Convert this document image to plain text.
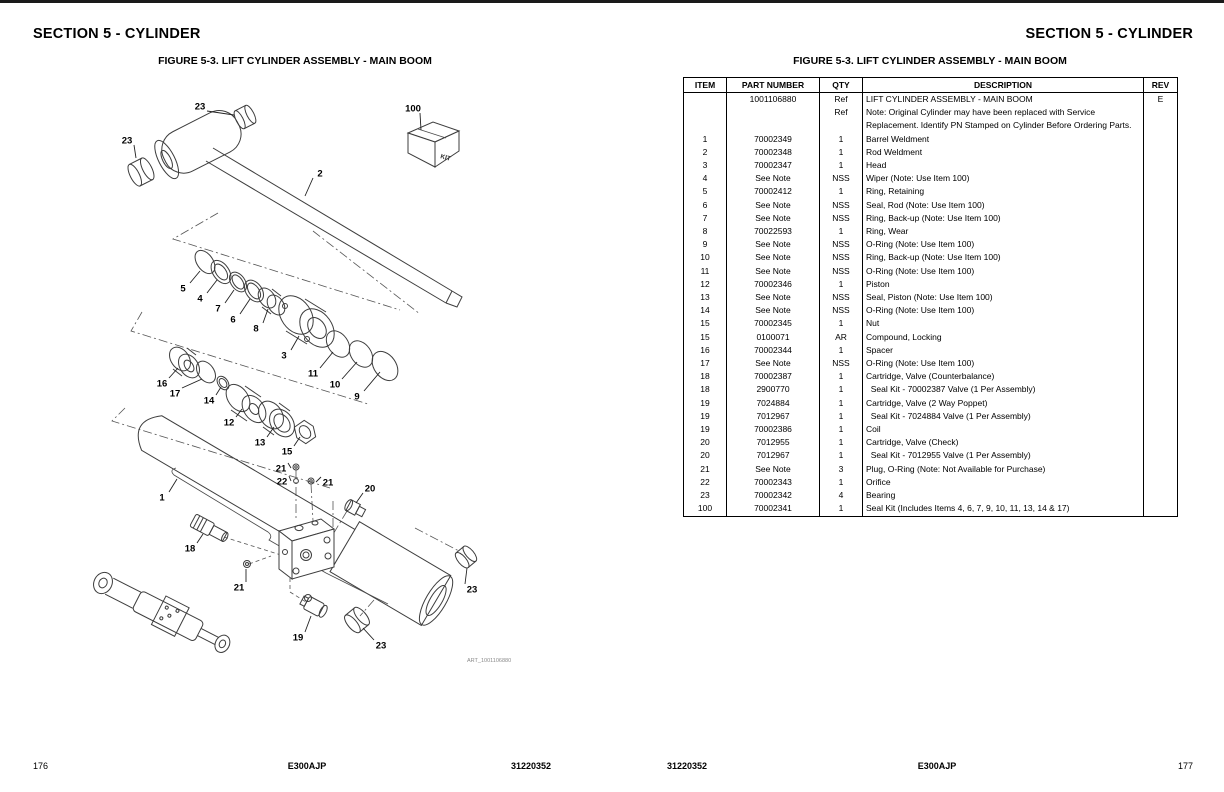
SECTION 5 - CYLINDER
FIGURE 5-3. LIFT CYLINDER ASSEMBLY - MAIN BOOM
KIT
ART_1001106880
23	100
23
2
5
4
7
6
8
3
11
10
9
16
17
14
12
13
15
21
22	21
20
1
18
21
19
23
23
SECTION 5 - CYLINDER
FIGURE 5-3. LIFT CYLINDER ASSEMBLY - MAIN BOOM
ITEM	PART NUMBER	QTY	DESCRIPTION	REV
	1001106880	Ref	LIFT CYLINDER ASSEMBLY - MAIN BOOM	E
		Ref	Note: Original Cylinder may have been replaced with Service Replacement. Identify PN Stamped on Cylinder Before Ordering Parts.	
1	70002349	1	Barrel Weldment	
2	70002348	1	Rod Weldment	
3	70002347	1	Head	
4	See Note	NSS	Wiper (Note: Use Item 100)	
5	70002412	1	Ring, Retaining	
6	See Note	NSS	Seal, Rod (Note: Use Item 100)	
7	See Note	NSS	Ring, Back-up (Note: Use Item 100)	
8	70022593	1	Ring, Wear	
9	See Note	NSS	O-Ring (Note: Use Item 100)	
10	See Note	NSS	Ring, Back-up (Note: Use Item 100)	
11	See Note	NSS	O-Ring (Note: Use Item 100)	
12	70002346	1	Piston	
13	See Note	NSS	Seal, Piston (Note: Use Item 100)	
14	See Note	NSS	O-Ring (Note: Use Item 100)	
15	70002345	1	Nut	
15	0100071	AR	Compound, Locking	
16	70002344	1	Spacer	
17	See Note	NSS	O-Ring (Note: Use Item 100)	
18	70002387	1	Cartridge, Valve (Counterbalance)	
18	2900770	1	Seal Kit - 70002387 Valve (1 Per Assembly)	
19	7024884	1	Cartridge, Valve (2 Way Poppet)	
19	7012967	1	Seal Kit - 7024884 Valve (1 Per Assembly)	
19	70002386	1	Coil	
20	7012955	1	Cartridge, Valve (Check)	
20	7012967	1	Seal Kit - 7012955 Valve (1 Per Assembly)	
21	See Note	3	Plug, O-Ring (Note: Not Available for Purchase)	
22	70002343	1	Orifice	
23	70002342	4	Bearing	
100	70002341	1	Seal Kit (Includes Items 4, 6, 7, 9, 10, 11, 13, 14 & 17)	
176	E300AJP	31220352	31220352	E300AJP	177
